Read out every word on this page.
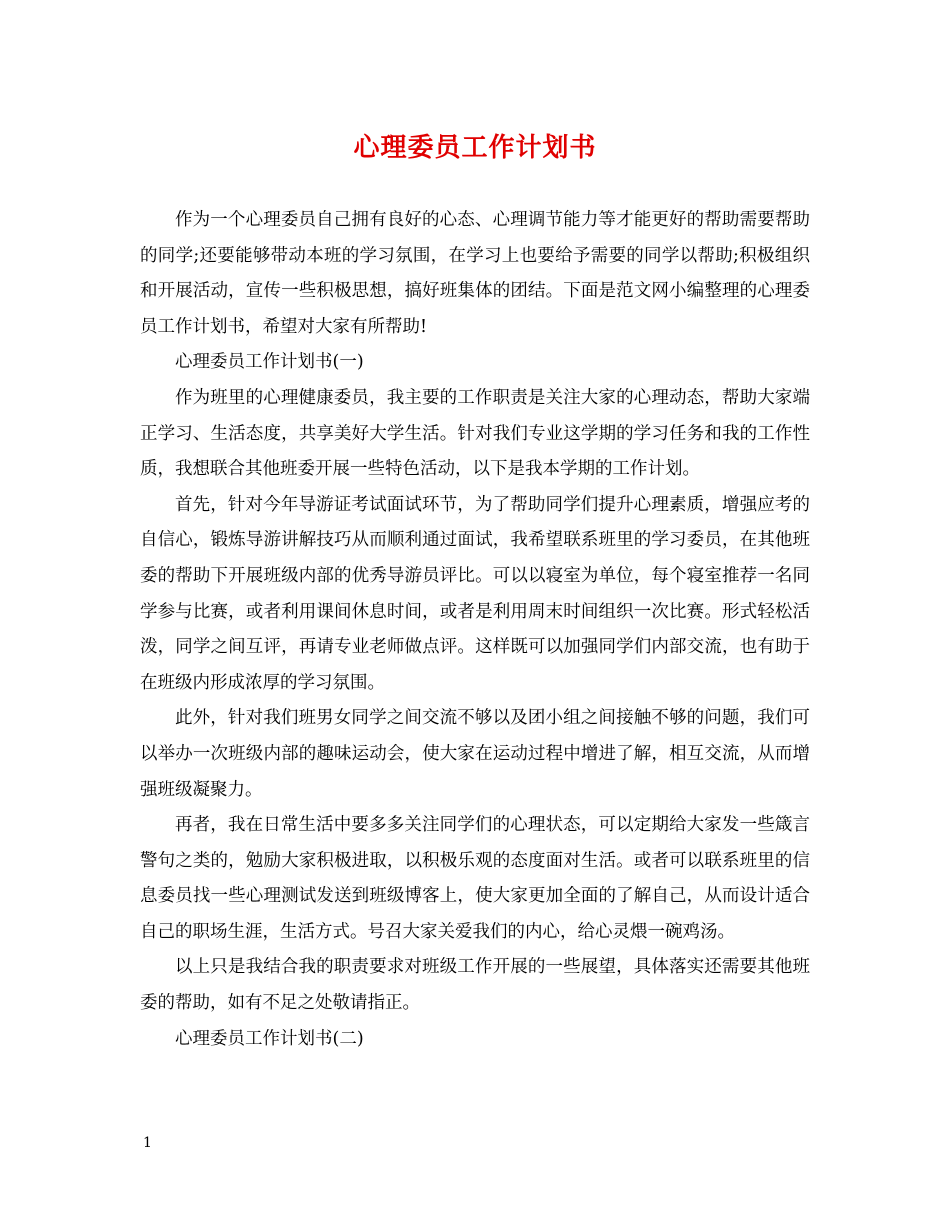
心理委员工作计划书

作为一个心理委员自己拥有良好的心态、心理调节能力等才能更好的帮助需要帮助的同学;还要能够带动本班的学习氛围，在学习上也要给予需要的同学以帮助;积极组织和开展活动，宣传一些积极思想，搞好班集体的团结。下面是范文网小编整理的心理委员工作计划书，希望对大家有所帮助!

心理委员工作计划书(一)

作为班里的心理健康委员，我主要的工作职责是关注大家的心理动态，帮助大家端正学习、生活态度，共享美好大学生活。针对我们专业这学期的学习任务和我的工作性质，我想联合其他班委开展一些特色活动，以下是我本学期的工作计划。

首先，针对今年导游证考试面试环节，为了帮助同学们提升心理素质，增强应考的自信心，锻炼导游讲解技巧从而顺利通过面试，我希望联系班里的学习委员，在其他班委的帮助下开展班级内部的优秀导游员评比。可以以寝室为单位，每个寝室推荐一名同学参与比赛，或者利用课间休息时间，或者是利用周末时间组织一次比赛。形式轻松活泼，同学之间互评，再请专业老师做点评。这样既可以加强同学们内部交流，也有助于在班级内形成浓厚的学习氛围。

此外，针对我们班男女同学之间交流不够以及团小组之间接触不够的问题，我们可以举办一次班级内部的趣味运动会，使大家在运动过程中增进了解，相互交流，从而增强班级凝聚力。

再者，我在日常生活中要多多关注同学们的心理状态，可以定期给大家发一些箴言警句之类的，勉励大家积极进取，以积极乐观的态度面对生活。或者可以联系班里的信息委员找一些心理测试发送到班级博客上，使大家更加全面的了解自己，从而设计适合自己的职场生涯，生活方式。号召大家关爱我们的内心，给心灵煨一碗鸡汤。

以上只是我结合我的职责要求对班级工作开展的一些展望，具体落实还需要其他班委的帮助，如有不足之处敬请指正。

心理委员工作计划书(二)

1
